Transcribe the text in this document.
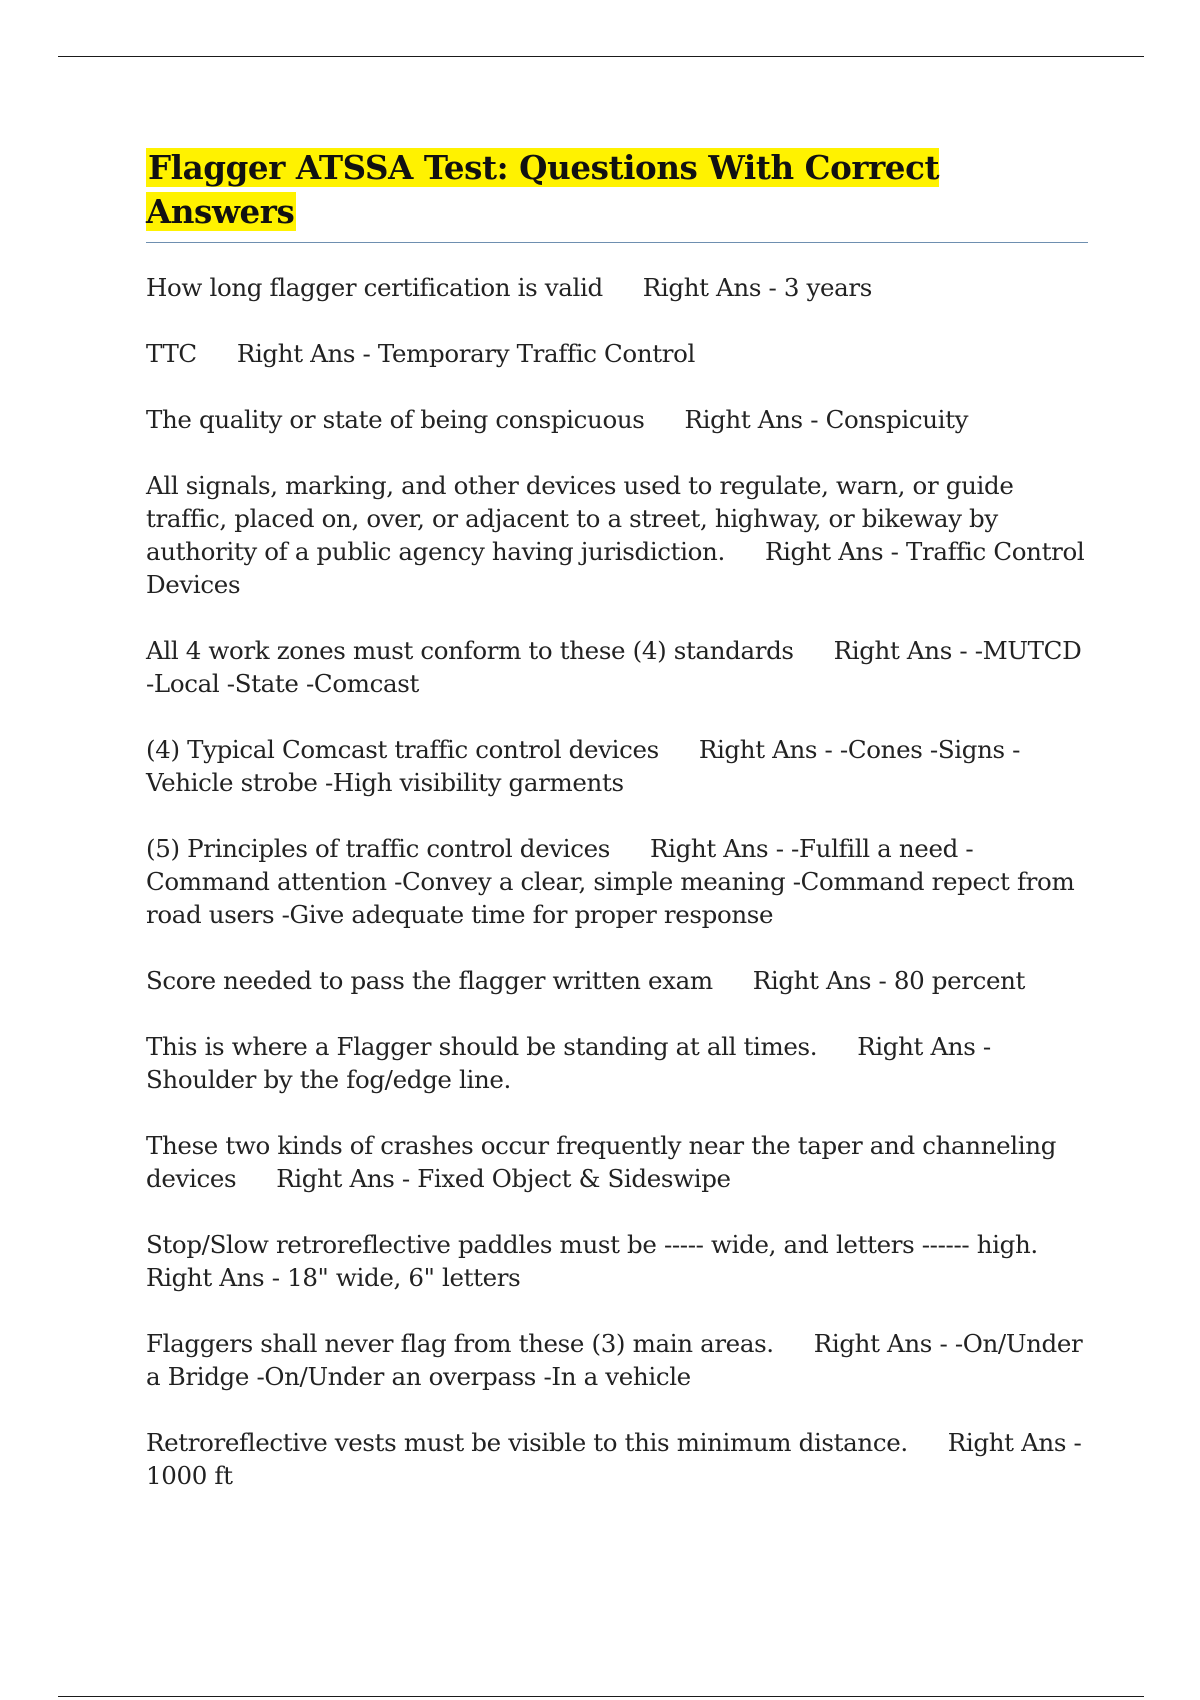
Flagger ATSSA Test: Questions With Correct Answers

How long flagger certification is valid Right Ans - 3 years

TTC Right Ans - Temporary Traffic Control

The quality or state of being conspicuous Right Ans - Conspicuity

All signals, marking, and other devices used to regulate, warn, or guide traffic, placed on, over, or adjacent to a street, highway, or bikeway by authority of a public agency having jurisdiction. Right Ans - Traffic Control Devices

All 4 work zones must conform to these (4) standards Right Ans - -MUTCD -Local -State -Comcast

(4) Typical Comcast traffic control devices Right Ans - -Cones -Signs -Vehicle strobe -High visibility garments

(5) Principles of traffic control devices Right Ans - -Fulfill a need -Command attention -Convey a clear, simple meaning -Command repect from road users -Give adequate time for proper response

Score needed to pass the flagger written exam Right Ans - 80 percent

This is where a Flagger should be standing at all times. Right Ans - Shoulder by the fog/edge line.

These two kinds of crashes occur frequently near the taper and channeling devices Right Ans - Fixed Object & Sideswipe

Stop/Slow retroreflective paddles must be ----- wide, and letters ------ high.Right Ans - 18" wide, 6" letters

Flaggers shall never flag from these (3) main areas. Right Ans - -On/Under a Bridge -On/Under an overpass -In a vehicle

Retroreflective vests must be visible to this minimum distance. Right Ans - 1000 ft
